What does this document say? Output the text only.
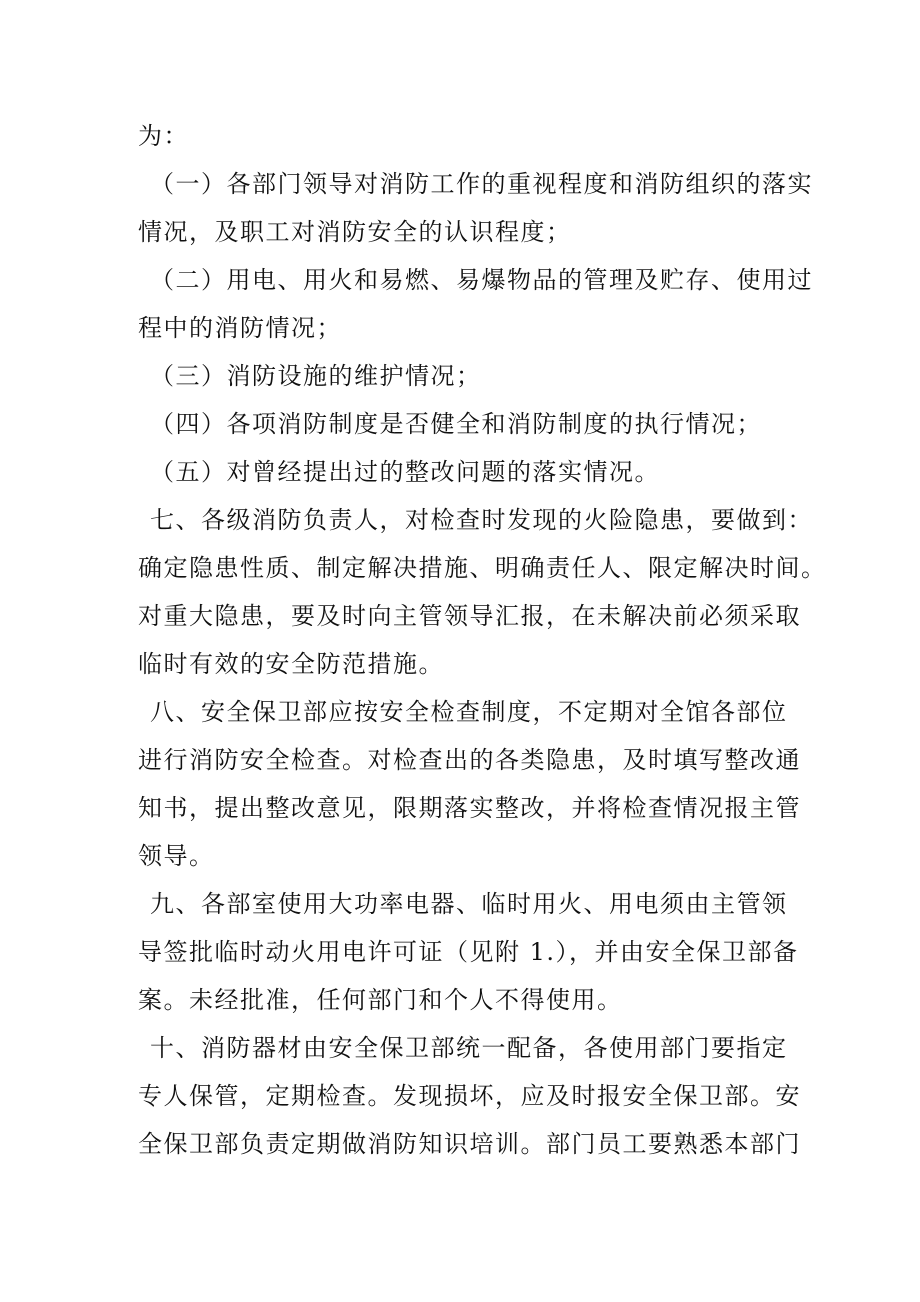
为：
（一）各部门领导对消防工作的重视程度和消防组织的落实
情况，及职工对消防安全的认识程度；
（二）用电、用火和易燃、易爆物品的管理及贮存、使用过
程中的消防情况；
（三）消防设施的维护情况；
（四）各项消防制度是否健全和消防制度的执行情况；
（五）对曾经提出过的整改问题的落实情况。
七、各级消防负责人，对检查时发现的火险隐患，要做到：
确定隐患性质、制定解决措施、明确责任人、限定解决时间。
对重大隐患，要及时向主管领导汇报，在未解决前必须采取
临时有效的安全防范措施。
八、安全保卫部应按安全检查制度，不定期对全馆各部位
进行消防安全检查。对检查出的各类隐患，及时填写整改通
知书，提出整改意见，限期落实整改，并将检查情况报主管
领导。
九、各部室使用大功率电器、临时用火、用电须由主管领
导签批临时动火用电许可证（见附 1.），并由安全保卫部备
案。未经批准，任何部门和个人不得使用。
十、消防器材由安全保卫部统一配备，各使用部门要指定
专人保管，定期检查。发现损坏，应及时报安全保卫部。安
全保卫部负责定期做消防知识培训。部门员工要熟悉本部门
